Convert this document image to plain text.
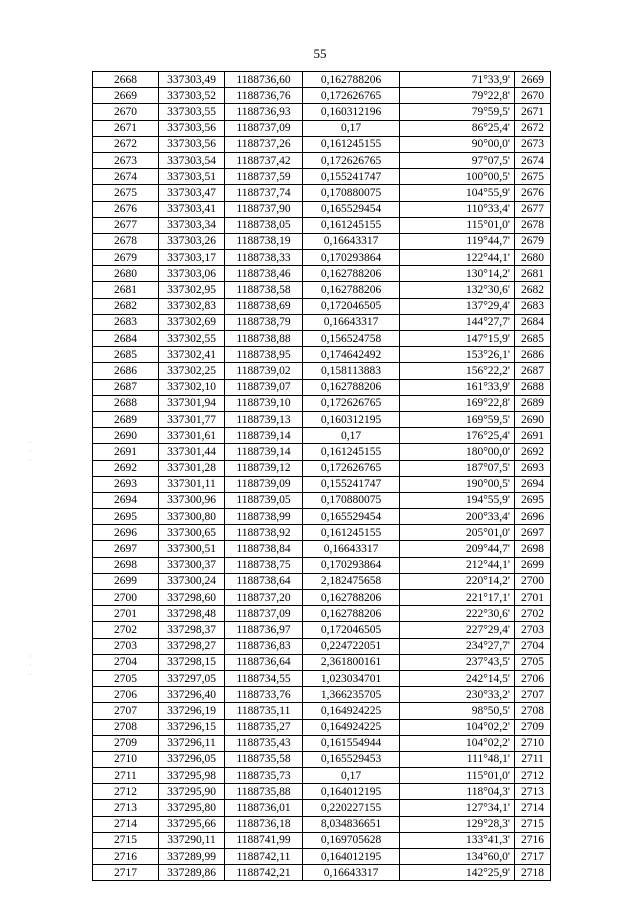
55
·
·
·
·
·
·
2668	337303,49	1188736,60	0,162788206	71°33,9'	2669
2669	337303,52	1188736,76	0,172626765	79°22,8'	2670
2670	337303,55	1188736,93	0,160312196	79°59,5'	2671
2671	337303,56	1188737,09	0,17	86°25,4'	2672
2672	337303,56	1188737,26	0,161245155	90°00,0'	2673
2673	337303,54	1188737,42	0,172626765	97°07,5'	2674
2674	337303,51	1188737,59	0,155241747	100°00,5'	2675
2675	337303,47	1188737,74	0,170880075	104°55,9'	2676
2676	337303,41	1188737,90	0,165529454	110°33,4'	2677
2677	337303,34	1188738,05	0,161245155	115°01,0'	2678
2678	337303,26	1188738,19	0,16643317	119°44,7'	2679
2679	337303,17	1188738,33	0,170293864	122°44,1'	2680
2680	337303,06	1188738,46	0,162788206	130°14,2'	2681
2681	337302,95	1188738,58	0,162788206	132°30,6'	2682
2682	337302,83	1188738,69	0,172046505	137°29,4'	2683
2683	337302,69	1188738,79	0,16643317	144°27,7'	2684
2684	337302,55	1188738,88	0,156524758	147°15,9'	2685
2685	337302,41	1188738,95	0,174642492	153°26,1'	2686
2686	337302,25	1188739,02	0,158113883	156°22,2'	2687
2687	337302,10	1188739,07	0,162788206	161°33,9'	2688
2688	337301,94	1188739,10	0,172626765	169°22,8'	2689
2689	337301,77	1188739,13	0,160312195	169°59,5'	2690
2690	337301,61	1188739,14	0,17	176°25,4'	2691
2691	337301,44	1188739,14	0,161245155	180°00,0'	2692
2692	337301,28	1188739,12	0,172626765	187°07,5'	2693
2693	337301,11	1188739,09	0,155241747	190°00,5'	2694
2694	337300,96	1188739,05	0,170880075	194°55,9'	2695
2695	337300,80	1188738,99	0,165529454	200°33,4'	2696
2696	337300,65	1188738,92	0,161245155	205°01,0'	2697
2697	337300,51	1188738,84	0,16643317	209°44,7'	2698
2698	337300,37	1188738,75	0,170293864	212°44,1'	2699
2699	337300,24	1188738,64	2,182475658	220°14,2'	2700
2700	337298,60	1188737,20	0,162788206	221°17,1'	2701
2701	337298,48	1188737,09	0,162788206	222°30,6'	2702
2702	337298,37	1188736,97	0,172046505	227°29,4'	2703
2703	337298,27	1188736,83	0,224722051	234°27,7'	2704
2704	337298,15	1188736,64	2,361800161	237°43,5'	2705
2705	337297,05	1188734,55	1,023034701	242°14,5'	2706
2706	337296,40	1188733,76	1,366235705	230°33,2'	2707
2707	337296,19	1188735,11	0,164924225	98°50,5'	2708
2708	337296,15	1188735,27	0,164924225	104°02,2'	2709
2709	337296,11	1188735,43	0,161554944	104°02,2'	2710
2710	337296,05	1188735,58	0,165529453	111°48,1'	2711
2711	337295,98	1188735,73	0,17	115°01,0'	2712
2712	337295,90	1188735,88	0,164012195	118°04,3'	2713
2713	337295,80	1188736,01	0,220227155	127°34,1'	2714
2714	337295,66	1188736,18	8,034836651	129°28,3'	2715
2715	337290,11	1188741,99	0,169705628	133°41,3'	2716
2716	337289,99	1188742,11	0,164012195	134°60,0'	2717
2717	337289,86	1188742,21	0,16643317	142°25,9'	2718
